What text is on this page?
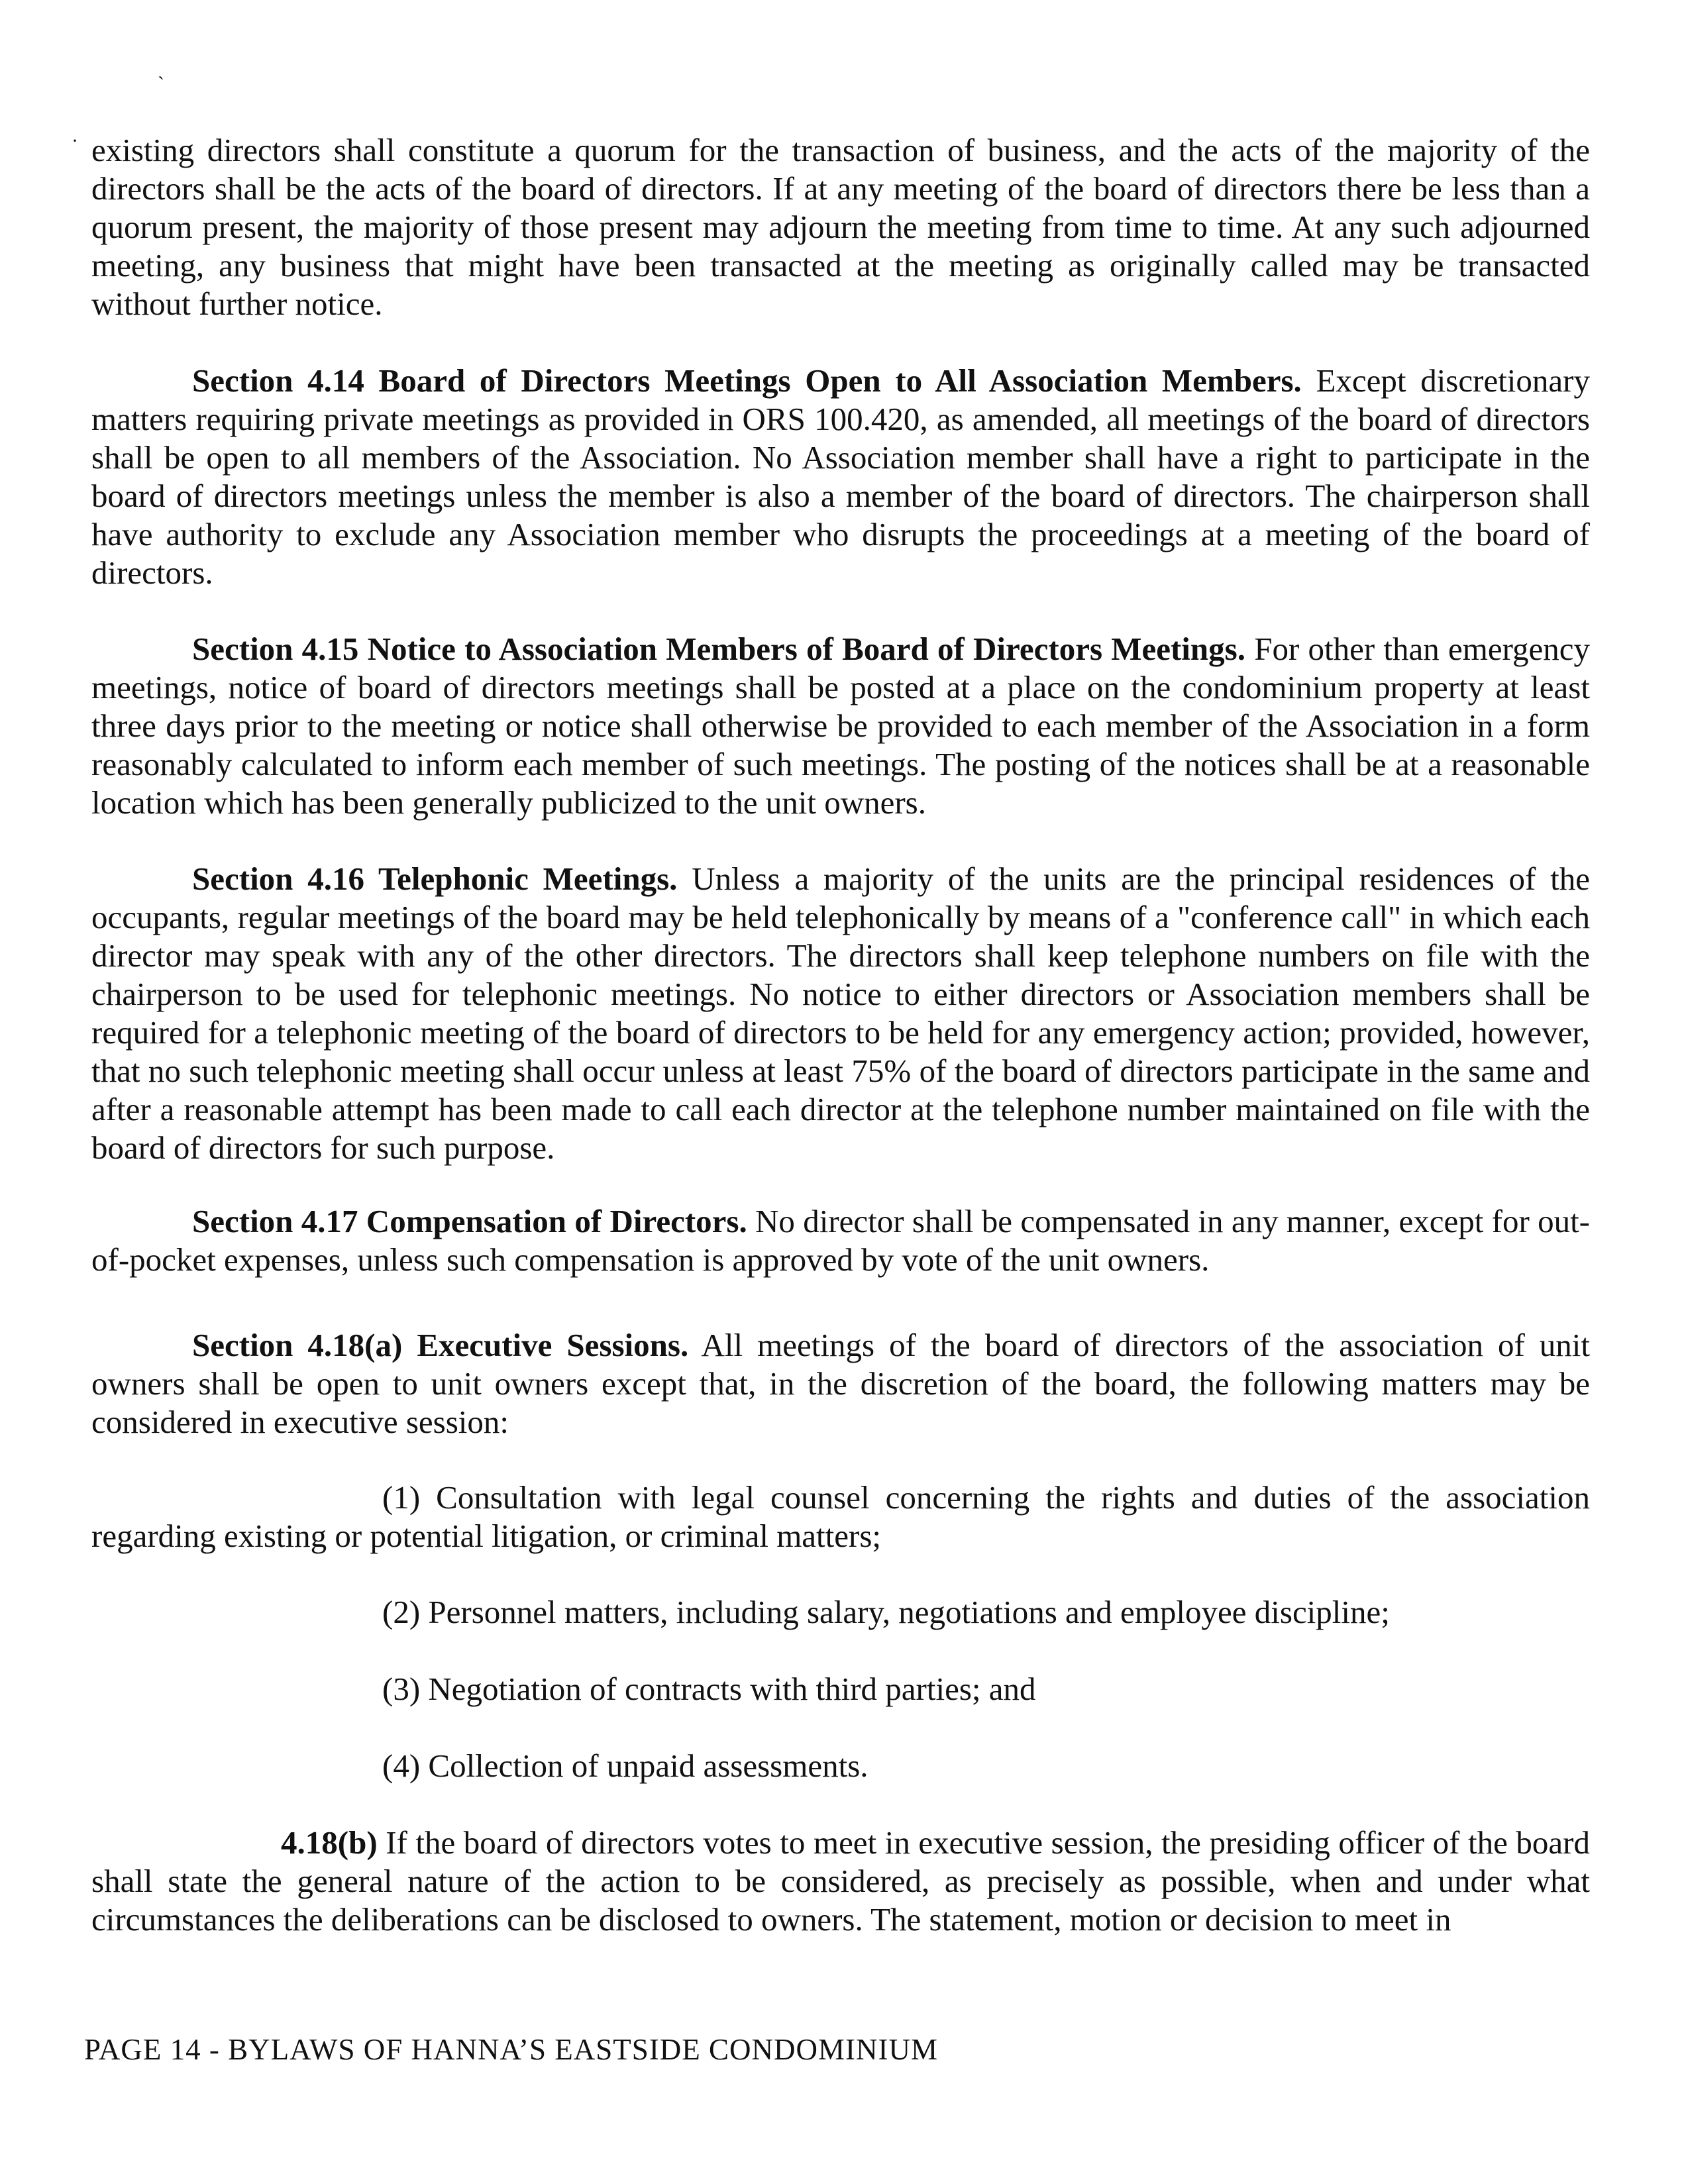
`
· existing directors shall constitute a quorum for the transaction of business, and the acts of the majority of the directors shall be the acts of the board of directors. If at any meeting of the board of directors there be less than a quorum present, the majority of those present may adjourn the meeting from time to time. At any such adjourned meeting, any business that might have been transacted at the meeting as originally called may be transacted without further notice.
Section 4.14 Board of Directors Meetings Open to All Association Members. Except discretionary matters requiring private meetings as provided in ORS 100.420, as amended, all meetings of the board of directors shall be open to all members of the Association. No Association member shall have a right to participate in the board of directors meetings unless the member is also a member of the board of directors. The chairperson shall have authority to exclude any Association member who disrupts the proceedings at a meeting of the board of directors.
Section 4.15 Notice to Association Members of Board of Directors Meetings. For other than emergency meetings, notice of board of directors meetings shall be posted at a place on the condominium property at least three days prior to the meeting or notice shall otherwise be provided to each member of the Association in a form reasonably calculated to inform each member of such meetings. The posting of the notices shall be at a reasonable location which has been generally publicized to the unit owners.
Section 4.16 Telephonic Meetings. Unless a majority of the units are the principal residences of the occupants, regular meetings of the board may be held telephonically by means of a "conference call" in which each director may speak with any of the other directors. The directors shall keep telephone numbers on file with the chairperson to be used for telephonic meetings. No notice to either directors or Association members shall be required for a telephonic meeting of the board of directors to be held for any emergency action; provided, however, that no such telephonic meeting shall occur unless at least 75% of the board of directors participate in the same and after a reasonable attempt has been made to call each director at the telephone number maintained on file with the board of directors for such purpose.
Section 4.17 Compensation of Directors. No director shall be compensated in any manner, except for out-of-pocket expenses, unless such compensation is approved by vote of the unit owners.
Section 4.18(a) Executive Sessions. All meetings of the board of directors of the association of unit owners shall be open to unit owners except that, in the discretion of the board, the following matters may be considered in executive session:
(1) Consultation with legal counsel concerning the rights and duties of the association regarding existing or potential litigation, or criminal matters;
(2) Personnel matters, including salary, negotiations and employee discipline;
(3) Negotiation of contracts with third parties; and
(4) Collection of unpaid assessments.
4.18(b) If the board of directors votes to meet in executive session, the presiding officer of the board shall state the general nature of the action to be considered, as precisely as possible, when and under what circumstances the deliberations can be disclosed to owners. The statement, motion or decision to meet in
PAGE 14 - BYLAWS OF HANNA’S EASTSIDE CONDOMINIUM
